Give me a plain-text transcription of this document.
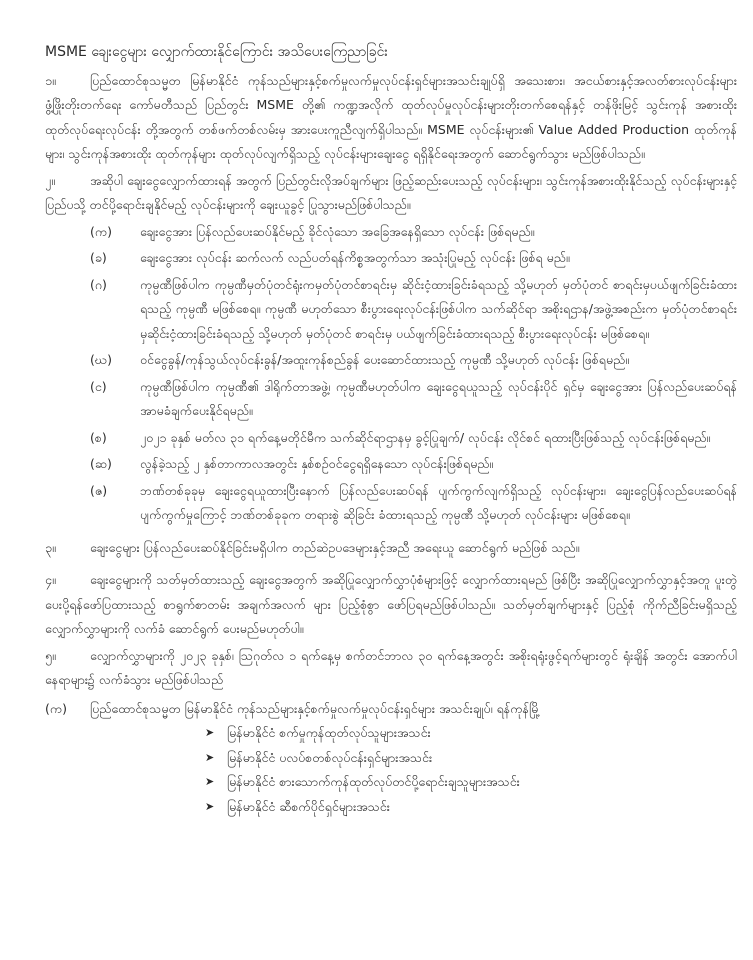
MSME ချေးငွေများ လျှောက်ထားနိုင်ကြောင်း အသိပေးကြေညာခြင်း
၁။	ပြည်ထောင်စုသမ္မတ မြန်မာနိုင်ငံ ကုန်သည်များနှင့်စက်မှုလက်မှုလုပ်ငန်းရှင်များအသင်းချုပ်ရှိ အသေးစား၊ အငယ်စားနှင့်အလတ်စားလုပ်ငန်းများ ဖွံ့ဖြိုးတိုးတက်ရေး ကော်မတီသည် ပြည်တွင်း MSME တို့၏ ကဏ္ဍအလိုက် ထုတ်လုပ်မှုလုပ်ငန်းများတိုးတက်စေရန်နှင့် တန်ဖိုးမြင့် သွင်းကုန် အစားထိုး ထုတ်လုပ်ရေးလုပ်ငန်း တို့အတွက် တစ်ဖက်တစ်လမ်းမှ အားပေးကူညီလျက်ရှိပါသည်။ MSME လုပ်ငန်းများ၏ Value Added Production ထုတ်ကုန်များ၊ သွင်းကုန်အစားထိုး ထုတ်ကုန်များ ထုတ်လုပ်လျက်ရှိသည့် လုပ်ငန်းများချေးငွေ ရရှိနိုင်ရေးအတွက် ဆောင်ရွက်သွား မည်ဖြစ်ပါသည်။
၂။	အဆိုပါ ချေးငွေလျှောက်ထားရန် အတွက် ပြည်တွင်းလိုအပ်ချက်များ ဖြည့်ဆည်းပေးသည့် လုပ်ငန်းများ၊ သွင်းကုန်အစားထိုးနိုင်သည့် လုပ်ငန်းများနှင့် ပြည်ပသို့ တင်ပို့ရောင်းချနိုင်မည့် လုပ်ငန်းများကို ချေးယူခွင့် ပြုသွားမည်ဖြစ်ပါသည်။
(က) ချေးငွေအား ပြန်လည်ပေးဆပ်နိုင်မည့် ခိုင်လုံသော အခြေအနေရှိသော လုပ်ငန်း ဖြစ်ရမည်။
(ခ)	ချေးငွေအား လုပ်ငန်း ဆက်လက် လည်ပတ်ရန်ကိစ္စအတွက်သာ အသုံးပြုမည့် လုပ်ငန်း ဖြစ်ရ မည်။
(ဂ)	ကုမ္ပဏီဖြစ်ပါက ကုမ္ပဏီမှတ်ပုံတင်ရုံးကမှတ်ပုံတင်စာရင်းမှ ဆိုင်းငံ့ထားခြင်းခံရသည့် သို့မဟုတ် မှတ်ပုံတင် စာရင်းမှပယ်ဖျက်ခြင်းခံထားရသည့် ကုမ္ပဏီ မဖြစ်စေရ။ ကုမ္ပဏီ မဟုတ်သော စီးပွားရေးလုပ်ငန်းဖြစ်ပါက သက်ဆိုင်ရာ အစိုးရဌာန/အဖွဲ့အစည်းက မှတ်ပုံတင်စာရင်းမှဆိုင်းငံ့ထားခြင်းခံရသည့် သို့မဟုတ် မှတ်ပုံတင် စာရင်းမှ ပယ်ဖျက်ခြင်းခံထားရသည့် စီးပွားရေးလုပ်ငန်း မဖြစ်စေရ။
(ဃ) ဝင်ငွေခွန်/ကုန်သွယ်လုပ်ငန်းခွန်/အထူးကုန်စည်ခွန် ပေးဆောင်ထားသည့် ကုမ္ပဏီ သို့မဟုတ် လုပ်ငန်း ဖြစ်ရမည်။
(င)	ကုမ္ပဏီဖြစ်ပါက ကုမ္ပဏီ၏ ဒါရိုက်တာအဖွဲ့၊ ကုမ္ပဏီမဟုတ်ပါက ချေးငွေရယူသည့် လုပ်ငန်းပိုင် ရှင်မှ ချေးငွေအား ပြန်လည်ပေးဆပ်ရန် အာမခံချက်ပေးနိုင်ရမည်။
(စ)	၂၀၂၁ ခုနှစ် မတ်လ ၃၁ ရက်နေ့မတိုင်မီက သက်ဆိုင်ရာဌာနမှ ခွင့်ပြုချက်/ လုပ်ငန်း လိုင်စင် ရထားပြီးဖြစ်သည့် လုပ်ငန်းဖြစ်ရမည်။
(ဆ) လွန်ခဲ့သည့် ၂ နှစ်တာကာလအတွင်း နှစ်စဉ်ဝင်ငွေရရှိနေသော လုပ်ငန်းဖြစ်ရမည်။
(ဇ)	ဘဏ်တစ်ခုခုမှ ချေးငွေရယူထားပြီးနောက် ပြန်လည်ပေးဆပ်ရန် ပျက်ကွက်လျက်ရှိသည့် လုပ်ငန်းများ၊ ချေးငွေပြန်လည်ပေးဆပ်ရန် ပျက်ကွက်မှုကြောင့် ဘဏ်တစ်ခုခုက တရားစွဲ ဆိုခြင်း ခံထားရသည့် ကုမ္ပဏီ သို့မဟုတ် လုပ်ငန်းများ မဖြစ်စေရ။
၃။	ချေးငွေများ ပြန်လည်ပေးဆပ်နိုင်ခြင်းမရှိပါက တည်ဆဲဥပဒေများနှင့်အညီ အရေးယူ ဆောင်ရွက် မည်ဖြစ် သည်။
၄။	ချေးငွေများကို သတ်မှတ်ထားသည့် ချေးငွေအတွက် အဆိုပြုလျှောက်လွှာပုံစံများဖြင့် လျှောက်ထားရမည် ဖြစ်ပြီး အဆိုပြုလျှောက်လွှာနှင့်အတူ ပူးတွဲပေးပို့ရန်ဖော်ပြထားသည့် စာရွက်စာတမ်း အချက်အလက် များ ပြည့်စုံစွာ ဖော်ပြရမည်ဖြစ်ပါသည်။ သတ်မှတ်ချက်များနှင့် ပြည့်စုံ ကိုက်ညီခြင်းမရှိသည့် လျှောက်လွှာများကို လက်ခံ ဆောင်ရွက် ပေးမည်မဟုတ်ပါ။
၅။	လျှောက်လွှာများကို ၂၀၂၃ ခုနှစ်၊ ဩဂုတ်လ ၁ ရက်နေ့မှ စက်တင်ဘာလ ၃၀ ရက်နေ့အတွင်း အစိုးရရုံးဖွင့်ရက်များတွင် ရုံးချိန် အတွင်း အောက်ပါနေရာများ၌ လက်ခံသွား မည်ဖြစ်ပါသည်
(က) ပြည်ထောင်စုသမ္မတ မြန်မာနိုင်ငံ ကုန်သည်များနှင့်စက်မှုလက်မှုလုပ်ငန်းရှင်များ အသင်းချုပ်၊ ရန်ကုန်မြို့
➤ မြန်မာနိုင်ငံ စက်မှုကုန်ထုတ်လုပ်သူများအသင်း
➤ မြန်မာနိုင်ငံ ပလပ်စတစ်လုပ်ငန်းရှင်များအသင်း
➤ မြန်မာနိုင်ငံ စားသောက်ကုန်ထုတ်လုပ်တင်ပို့ရောင်းချသူများအသင်း
➤ မြန်မာနိုင်ငံ ဆီစက်ပိုင်ရှင်များအသင်း
